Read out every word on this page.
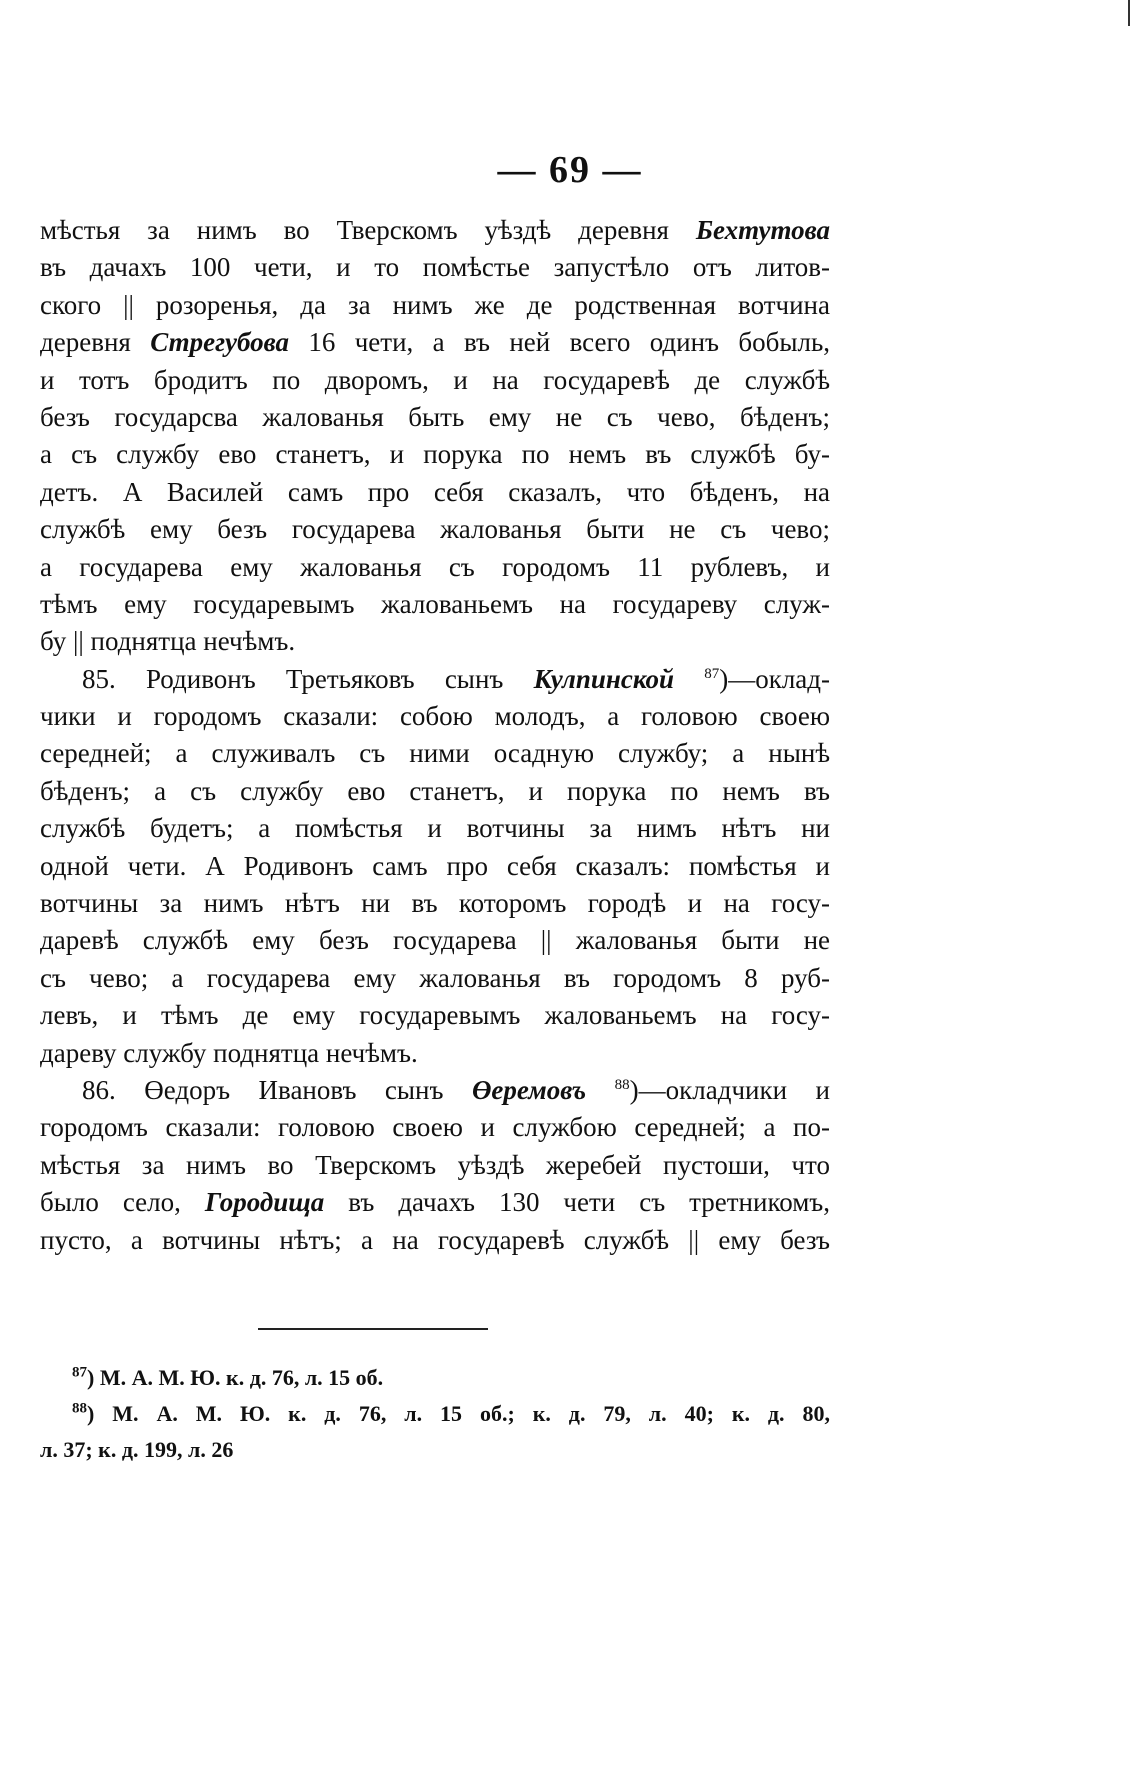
— 69 —
мѣстья за нимъ во Тверскомъ уѣздѣ деревня Бехтутова
въ дачахъ 100 чети, и то помѣстье запустѣло отъ литов-
ского || розоренья, да за нимъ же де родственная вотчина
деревня Стрегубова 16 чети, а въ ней всего одинъ бобыль,
и тотъ бродитъ по дворомъ, и на государевѣ де службѣ
безъ государсва жалованья быть ему не съ чево, бѣденъ;
а съ службу ево станетъ, и порука по немъ въ службѣ бу-
детъ. А Василей самъ про себя сказалъ, что бѣденъ, на
службѣ ему безъ государева жалованья быти не съ чево;
а государева ему жалованья съ городомъ 11 рублевъ, и
тѣмъ ему государевымъ жалованьемъ на государеву служ-
бу || поднятца нечѣмъ.
85. Родивонъ Третьяковъ сынъ Кулпинской $^{87}$)—оклад-
чики и городомъ сказали: собою молодъ, а головою своею
середней; а служивалъ съ ними осадную службу; а нынѣ
бѣденъ; а съ службу ево станетъ, и порука по немъ въ
службѣ будетъ; а помѣстья и вотчины за нимъ нѣтъ ни
одной чети. А Родивонъ самъ про себя сказалъ: помѣстья и
вотчины за нимъ нѣтъ ни въ которомъ городѣ и на госу-
даревѣ службѣ ему безъ государева || жалованья быти не
съ чево; а государева ему жалованья въ городомъ 8 руб-
левъ, и тѣмъ де ему государевымъ жалованьемъ на госу-
дареву службу поднятца нечѣмъ.
86. Өедоръ Ивановъ сынъ Өеремовъ $^{88}$)—окладчики и
городомъ сказали: головою своею и службою середней; а по-
мѣстья за нимъ во Тверскомъ уѣздѣ жеребей пустоши, что
было село, Городища въ дачахъ 130 чети съ третникомъ,
пусто, а вотчины нѣтъ; а на государевѣ службѣ || ему безъ
$^{87}$) М. А. М. Ю. к. д. 76, л. 15 об.
$^{88}$) М. А. М. Ю. к. д. 76, л. 15 об.; к. д. 79, л. 40; к. д. 80,
л. 37; к. д. 199, л. 26
